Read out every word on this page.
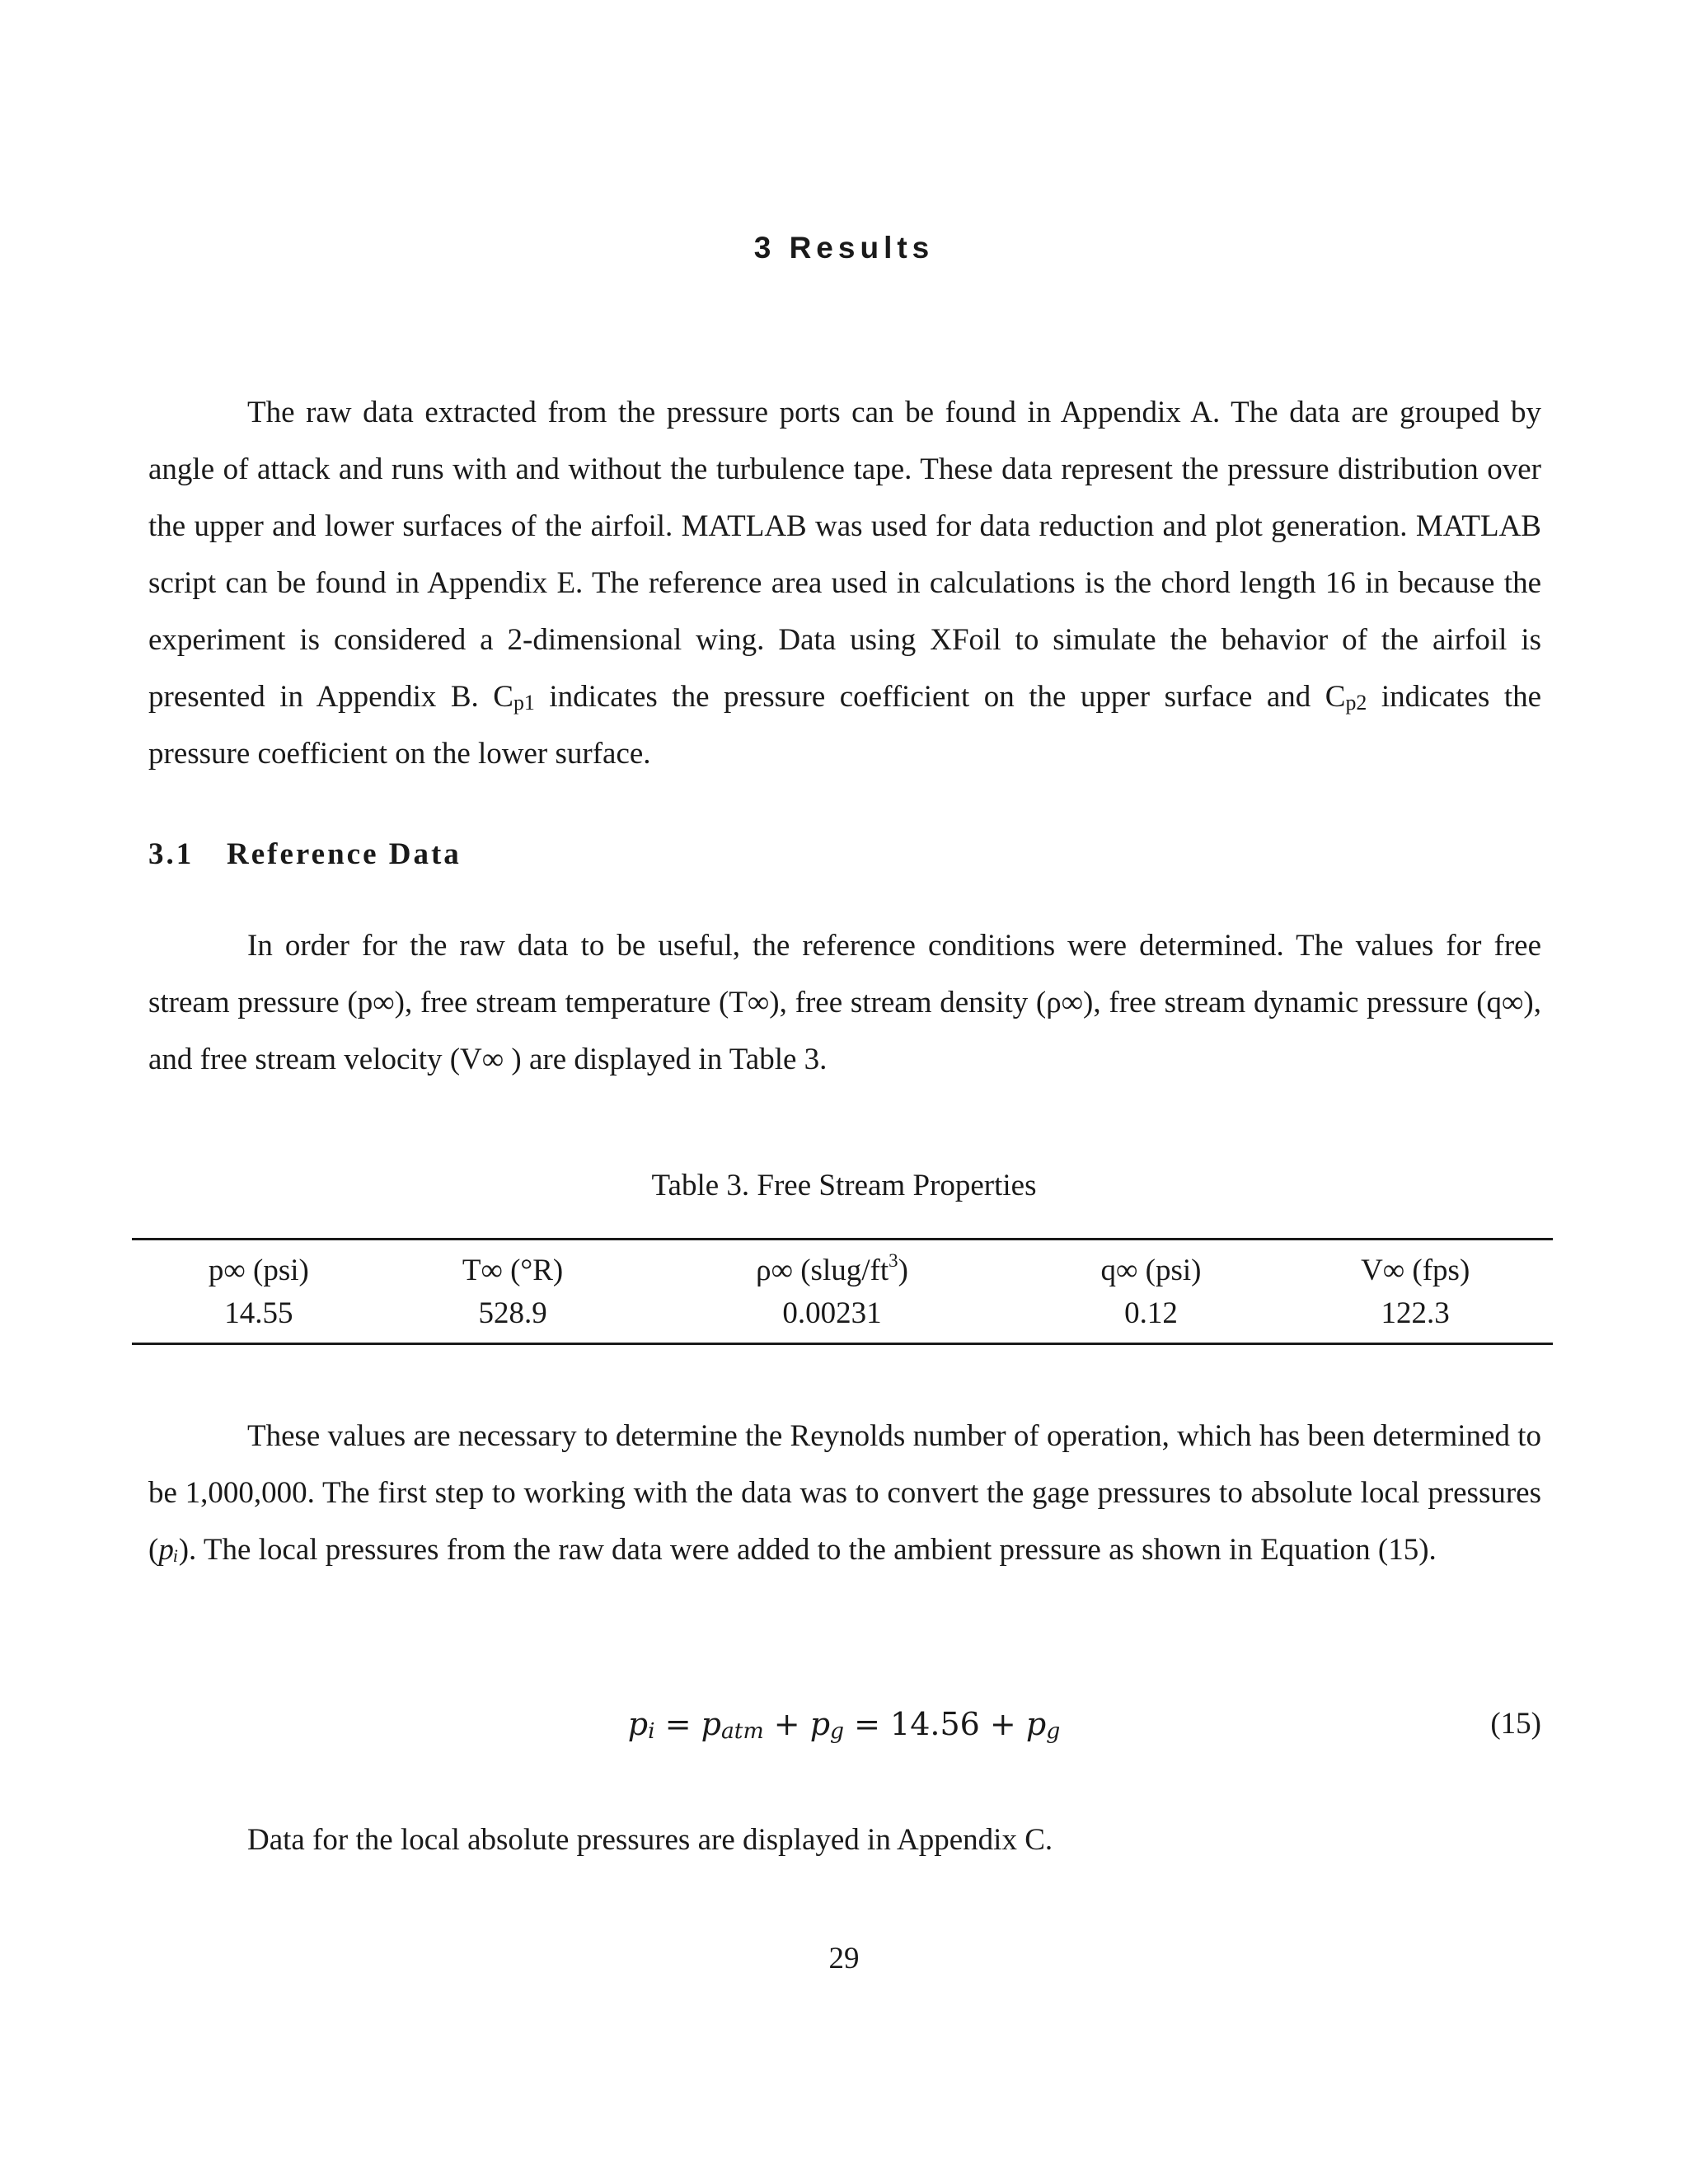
3 Results
The raw data extracted from the pressure ports can be found in Appendix A. The data are grouped by angle of attack and runs with and without the turbulence tape. These data represent the pressure distribution over the upper and lower surfaces of the airfoil. MATLAB was used for data reduction and plot generation. MATLAB script can be found in Appendix E. The reference area used in calculations is the chord length 16 in because the experiment is considered a 2-dimensional wing. Data using XFoil to simulate the behavior of the airfoil is presented in Appendix B. $C_{p1}$ indicates the pressure coefficient on the upper surface and $C_{p2}$ indicates the pressure coefficient on the lower surface.
3.1 Reference Data
In order for the raw data to be useful, the reference conditions were determined. The values for free stream pressure (p∞), free stream temperature (T∞), free stream density (ρ∞), free stream dynamic pressure (q∞), and free stream velocity (V∞ ) are displayed in Table 3.
Table 3. Free Stream Properties
p∞ (psi)	T∞ (°R)	ρ∞ $(slug/ft^3)$	q∞ (psi)	V∞ (fps)
14.55	528.9	0.00231	0.12	122.3
These values are necessary to determine the Reynolds number of operation, which has been determined to be 1,000,000. The first step to working with the data was to convert the gage pressures to absolute local pressures (pᵢ). The local pressures from the raw data were added to the ambient pressure as shown in Equation (15).
$p_i = p_{atm} + p_g = 14.56 + p_g$	(15)
Data for the local absolute pressures are displayed in Appendix C.
29
